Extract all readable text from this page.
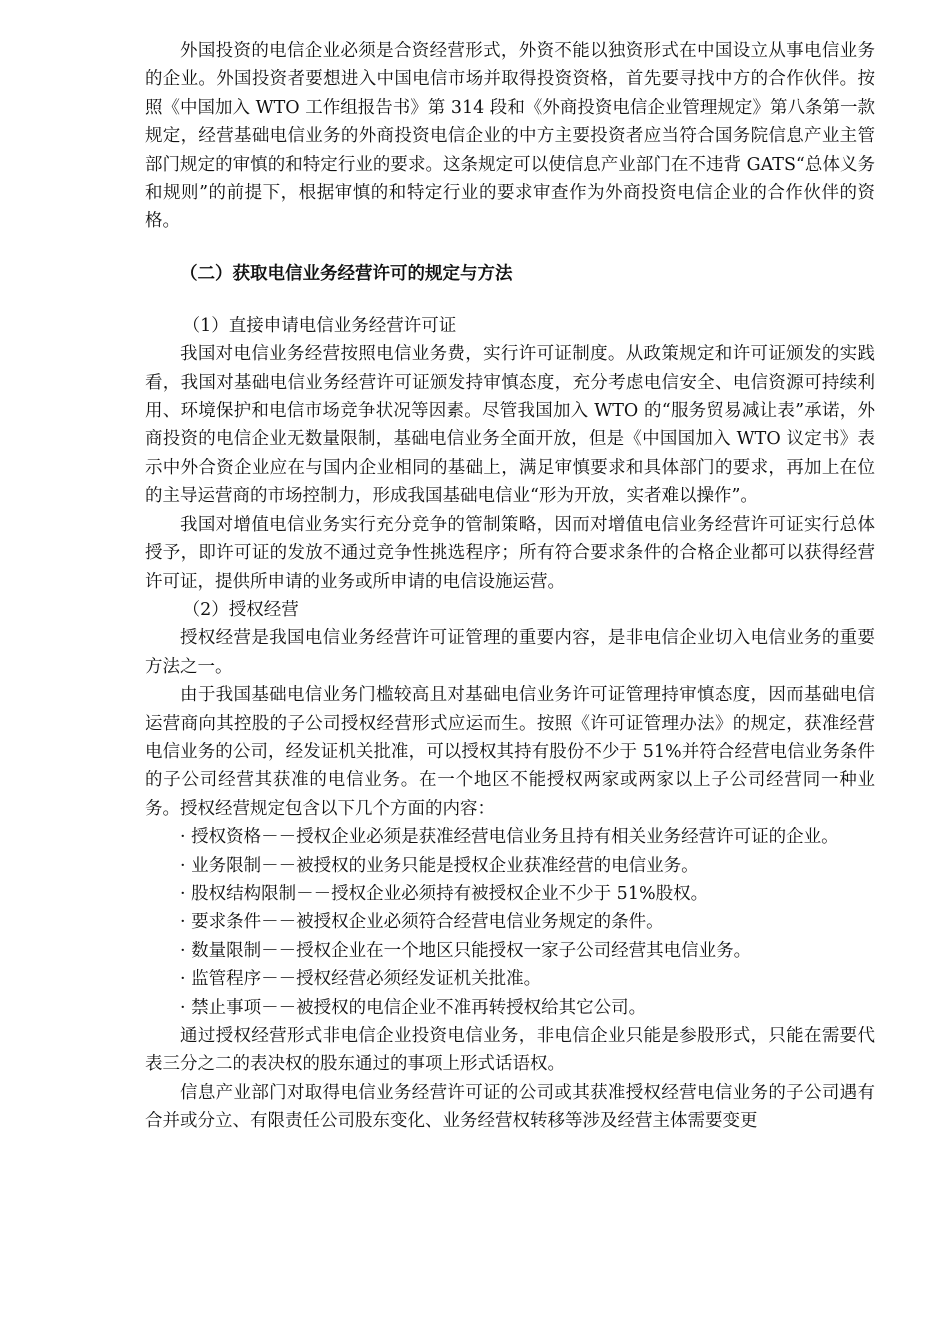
外国投资的电信企业必须是合资经营形式，外资不能以独资形式在中国设立从事电信业务的企业。外国投资者要想进入中国电信市场并取得投资资格，首先要寻找中方的合作伙伴。按照《中国加入 WTO 工作组报告书》第 314 段和《外商投资电信企业管理规定》第八条第一款规定，经营基础电信业务的外商投资电信企业的中方主要投资者应当符合国务院信息产业主管部门规定的审慎的和特定行业的要求。这条规定可以使信息产业部门在不违背 GATS“总体义务和规则”的前提下，根据审慎的和特定行业的要求审查作为外商投资电信企业的合作伙伴的资格。

（二）获取电信业务经营许可的规定与方法

（1）直接申请电信业务经营许可证

我国对电信业务经营按照电信业务费，实行许可证制度。从政策规定和许可证颁发的实践看，我国对基础电信业务经营许可证颁发持审慎态度，充分考虑电信安全、电信资源可持续利用、环境保护和电信市场竞争状况等因素。尽管我国加入 WTO 的“服务贸易减让表”承诺，外商投资的电信企业无数量限制，基础电信业务全面开放，但是《中国国加入 WTO 议定书》表示中外合资企业应在与国内企业相同的基础上，满足审慎要求和具体部门的要求，再加上在位的主导运营商的市场控制力，形成我国基础电信业“形为开放，实者难以操作”。

我国对增值电信业务实行充分竞争的管制策略，因而对增值电信业务经营许可证实行总体授予，即许可证的发放不通过竞争性挑选程序；所有符合要求条件的合格企业都可以获得经营许可证，提供所申请的业务或所申请的电信设施运营。

（2）授权经营

授权经营是我国电信业务经营许可证管理的重要内容，是非电信企业切入电信业务的重要方法之一。

由于我国基础电信业务门槛较高且对基础电信业务许可证管理持审慎态度，因而基础电信运营商向其控股的子公司授权经营形式应运而生。按照《许可证管理办法》的规定，获准经营电信业务的公司，经发证机关批准，可以授权其持有股份不少于 51%并符合经营电信业务条件的子公司经营其获准的电信业务。在一个地区不能授权两家或两家以上子公司经营同一种业务。授权经营规定包含以下几个方面的内容：

· 授权资格－－授权企业必须是获准经营电信业务且持有相关业务经营许可证的企业。

· 业务限制－－被授权的业务只能是授权企业获准经营的电信业务。

· 股权结构限制－－授权企业必须持有被授权企业不少于 51%股权。

· 要求条件－－被授权企业必须符合经营电信业务规定的条件。

· 数量限制－－授权企业在一个地区只能授权一家子公司经营其电信业务。

· 监管程序－－授权经营必须经发证机关批准。

· 禁止事项－－被授权的电信企业不准再转授权给其它公司。

通过授权经营形式非电信企业投资电信业务，非电信企业只能是参股形式，只能在需要代表三分之二的表决权的股东通过的事项上形式话语权。

信息产业部门对取得电信业务经营许可证的公司或其获准授权经营电信业务的子公司遇有合并或分立、有限责任公司股东变化、业务经营权转移等涉及经营主体需要变更
